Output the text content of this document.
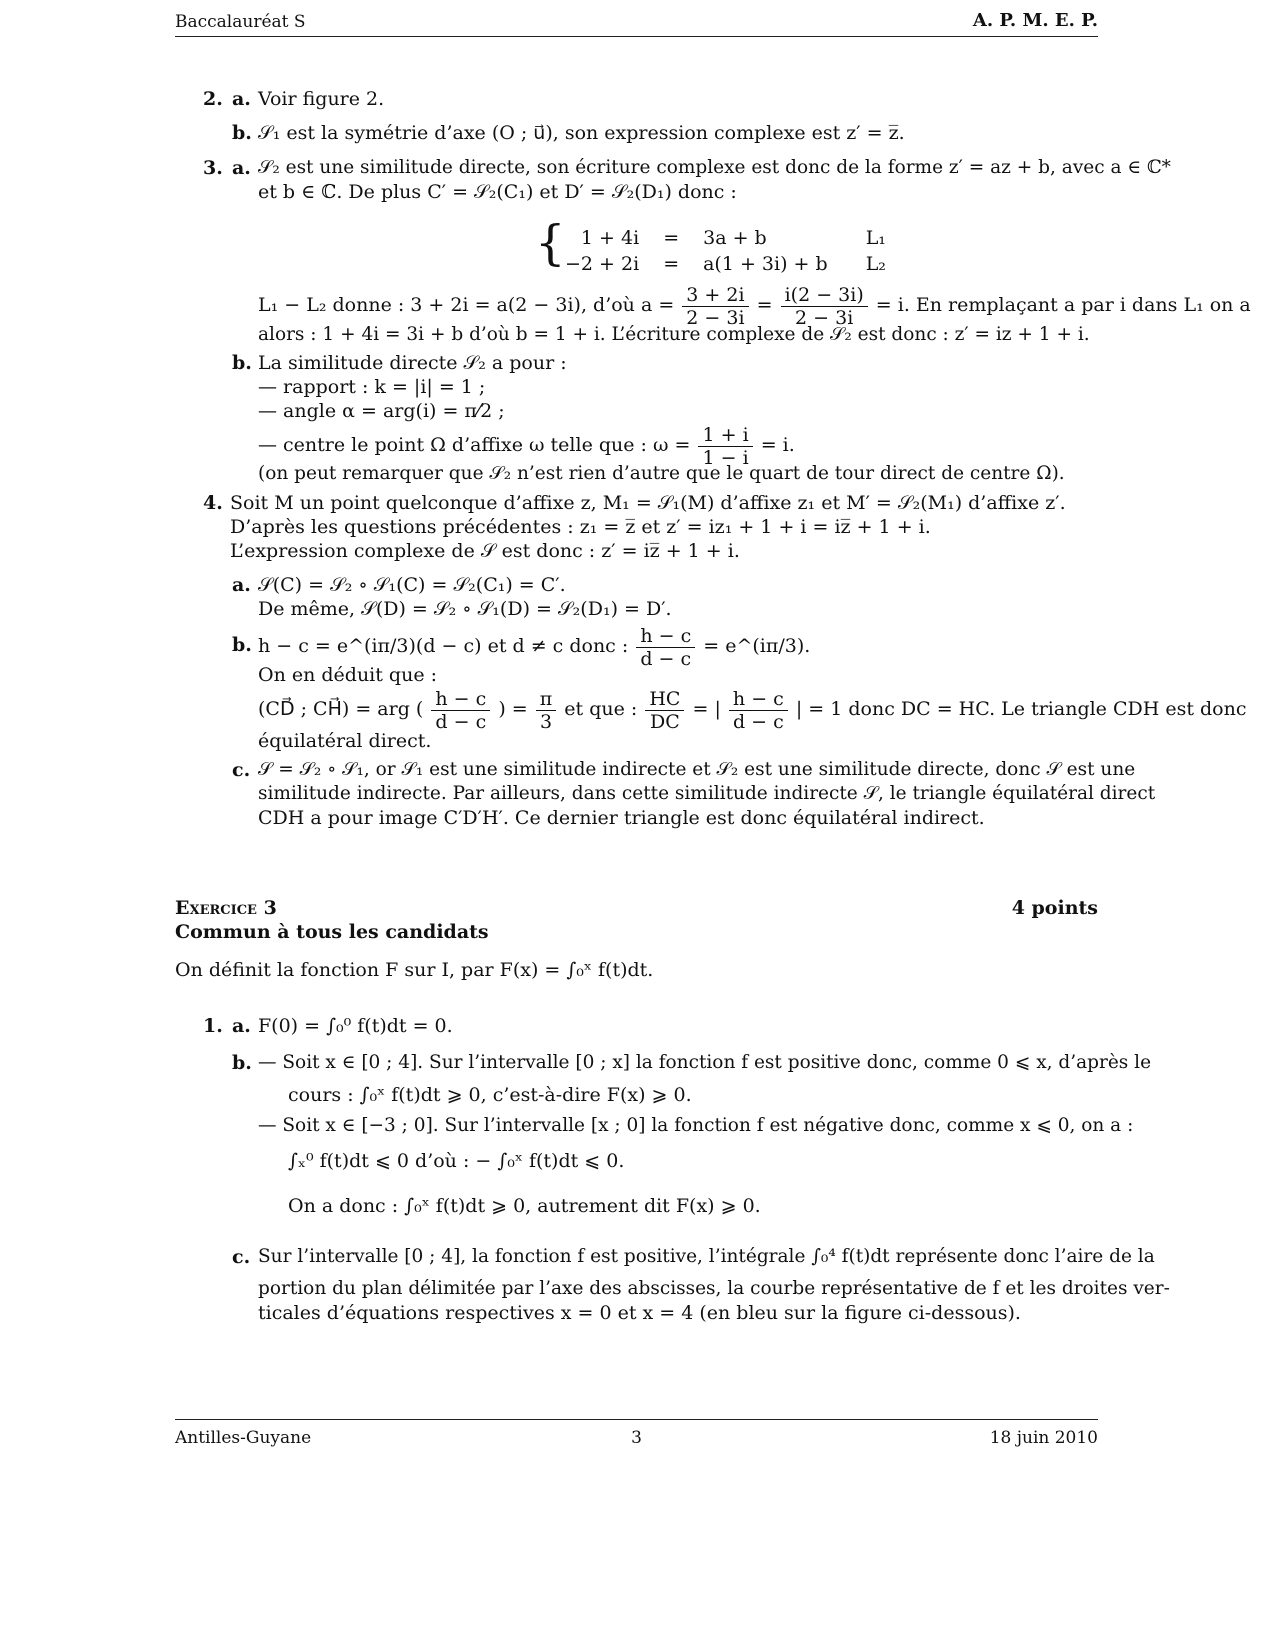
Baccalauréat S	A. P. M. E. P.
2. a. Voir figure 2.
b. 𝒮₁ est la symétrie d’axe (O ; u⃗), son expression complexe est z′ = z̅.
3. a. 𝒮₂ est une similitude directe, son écriture complexe est donc de la forme z′ = az + b, avec a ∈ ℂ*
et b ∈ ℂ. De plus C′ = 𝒮₂(C₁) et D′ = 𝒮₂(D₁) donc :
{ 1 + 4i	=	3a + b	L₁
−2 + 2i	=	a(1 + 3i) + b	L₂
L₁ − L₂ donne : 3 + 2i = a(2 − 3i), d’où $a = \frac{3 + 2i}{2 - 3i} = \frac{i(2 - 3i)}{2 - 3i} = i$. En remplaçant a par i dans L₁ on a
alors : 1 + 4i = 3i + b d’où b = 1 + i. L’écriture complexe de 𝒮₂ est donc : z′ = iz + 1 + i.
b. La similitude directe 𝒮₂ a pour :
— rapport : k = |i| = 1 ;
— angle α = arg(i) = π⁄2 ;
— centre le point Ω d’affixe ω telle que : $\omega = \frac{1 + i}{1 - i} = i$.
(on peut remarquer que 𝒮₂ n’est rien d’autre que le quart de tour direct de centre Ω).
4. Soit M un point quelconque d’affixe z, M₁ = 𝒮₁(M) d’affixe z₁ et M′ = 𝒮₂(M₁) d’affixe z′.
D’après les questions précédentes : z₁ = z̅ et z′ = iz₁ + 1 + i = iz̅ + 1 + i.
L’expression complexe de 𝒮 est donc : z′ = iz̅ + 1 + i.
a. 𝒮(C) = 𝒮₂ ∘ 𝒮₁(C) = 𝒮₂(C₁) = C′.
De même, 𝒮(D) = 𝒮₂ ∘ 𝒮₁(D) = 𝒮₂(D₁) = D′.
b. h − c = e^(iπ/3)(d − c) et d ≠ c donc : $\frac{h - c}{d - c}$ = e^(iπ/3).
On en déduit que :
(CD⃗ ; CH⃗) = arg ( $\frac{h - c}{d - c}$ ) = $\frac{\pi}{3}$ et que : $\frac{HC}{DC}$ = | $\frac{h - c}{d - c}$ | = 1 donc DC = HC. Le triangle CDH est donc
équilatéral direct.
c. 𝒮 = 𝒮₂ ∘ 𝒮₁, or 𝒮₁ est une similitude indirecte et 𝒮₂ est une similitude directe, donc 𝒮 est une
similitude indirecte. Par ailleurs, dans cette similitude indirecte 𝒮, le triangle équilatéral direct
CDH a pour image C′D′H′. Ce dernier triangle est donc équilatéral indirect.
Exercice 3	4 points
Commun à tous les candidats
On définit la fonction F sur I, par F(x) = ∫₀ˣ f(t)dt.
1. a. F(0) = ∫₀⁰ f(t)dt = 0.
b. — Soit x ∈ [0 ; 4]. Sur l’intervalle [0 ; x] la fonction f est positive donc, comme 0 ⩽ x, d’après le
cours : ∫₀ˣ f(t)dt ⩾ 0, c’est-à-dire F(x) ⩾ 0.
— Soit x ∈ [−3 ; 0]. Sur l’intervalle [x ; 0] la fonction f est négative donc, comme x ⩽ 0, on a :
∫ₓ⁰ f(t)dt ⩽ 0 d’où : − ∫₀ˣ f(t)dt ⩽ 0.
On a donc : ∫₀ˣ f(t)dt ⩾ 0, autrement dit F(x) ⩾ 0.
c. Sur l’intervalle [0 ; 4], la fonction f est positive, l’intégrale ∫₀⁴ f(t)dt représente donc l’aire de la
portion du plan délimitée par l’axe des abscisses, la courbe représentative de f et les droites ver-
ticales d’équations respectives x = 0 et x = 4 (en bleu sur la figure ci-dessous).
Antilles-Guyane	3	18 juin 2010
